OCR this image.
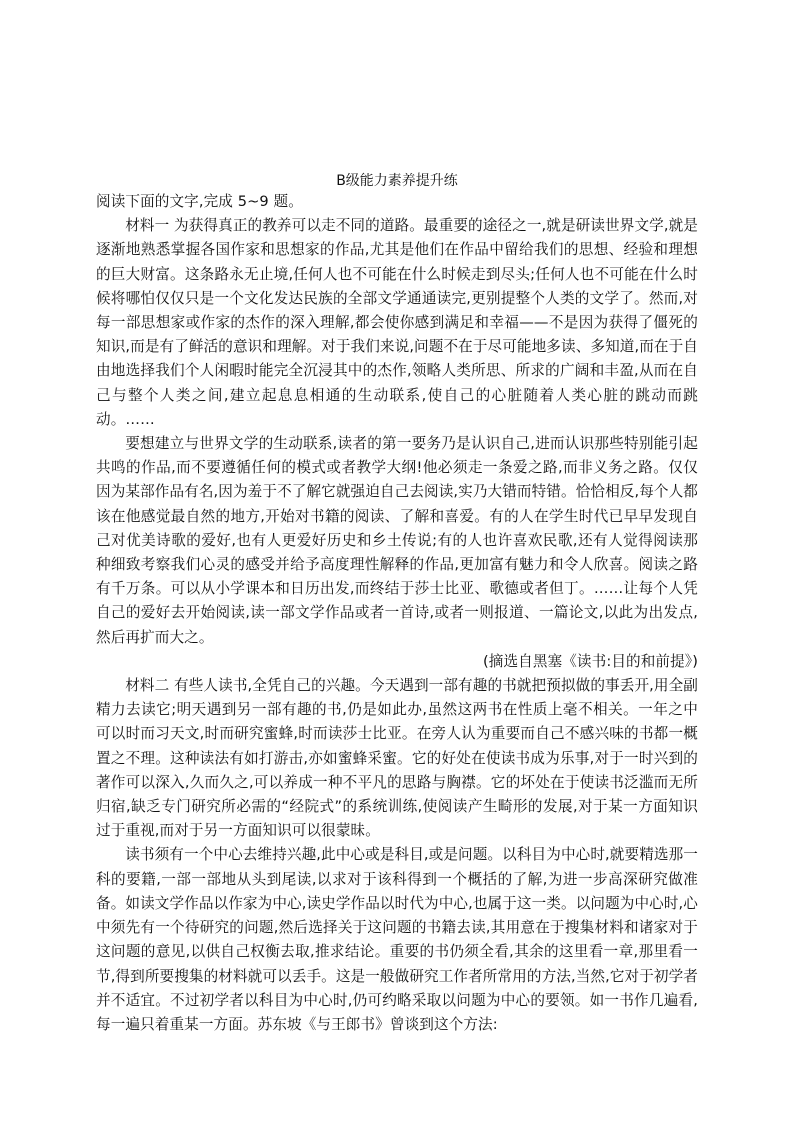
B级能力素养提升练

阅读下面的文字,完成 5~9 题。

材料一 为获得真正的教养可以走不同的道路。最重要的途径之一,就是研读世界文学,就是逐渐地熟悉掌握各国作家和思想家的作品,尤其是他们在作品中留给我们的思想、经验和理想的巨大财富。这条路永无止境,任何人也不可能在什么时候走到尽头;任何人也不可能在什么时候将哪怕仅仅只是一个文化发达民族的全部文学通通读完,更别提整个人类的文学了。然而,对每一部思想家或作家的杰作的深入理解,都会使你感到满足和幸福——不是因为获得了僵死的知识,而是有了鲜活的意识和理解。对于我们来说,问题不在于尽可能地多读、多知道,而在于自由地选择我们个人闲暇时能完全沉浸其中的杰作,领略人类所思、所求的广阔和丰盈,从而在自己与整个人类之间,建立起息息相通的生动联系,使自己的心脏随着人类心脏的跳动而跳动。……

要想建立与世界文学的生动联系,读者的第一要务乃是认识自己,进而认识那些特别能引起共鸣的作品,而不要遵循任何的模式或者教学大纲!他必须走一条爱之路,而非义务之路。仅仅因为某部作品有名,因为羞于不了解它就强迫自己去阅读,实乃大错而特错。恰恰相反,每个人都该在他感觉最自然的地方,开始对书籍的阅读、了解和喜爱。有的人在学生时代已早早发现自己对优美诗歌的爱好,也有人更爱好历史和乡土传说;有的人也许喜欢民歌,还有人觉得阅读那种细致考察我们心灵的感受并给予高度理性解释的作品,更加富有魅力和令人欣喜。阅读之路有千万条。可以从小学课本和日历出发,而终结于莎士比亚、歌德或者但丁。……让每个人凭自己的爱好去开始阅读,读一部文学作品或者一首诗,或者一则报道、一篇论文,以此为出发点,然后再扩而大之。

(摘选自黑塞《读书:目的和前提》)

材料二 有些人读书,全凭自己的兴趣。今天遇到一部有趣的书就把预拟做的事丢开,用全副精力去读它;明天遇到另一部有趣的书,仍是如此办,虽然这两书在性质上毫不相关。一年之中可以时而习天文,时而研究蜜蜂,时而读莎士比亚。在旁人认为重要而自己不感兴味的书都一概置之不理。这种读法有如打游击,亦如蜜蜂采蜜。它的好处在使读书成为乐事,对于一时兴到的著作可以深入,久而久之,可以养成一种不平凡的思路与胸襟。它的坏处在于使读书泛滥而无所归宿,缺乏专门研究所必需的“经院式”的系统训练,使阅读产生畸形的发展,对于某一方面知识过于重视,而对于另一方面知识可以很蒙昧。

读书须有一个中心去维持兴趣,此中心或是科目,或是问题。以科目为中心时,就要精选那一科的要籍,一部一部地从头到尾读,以求对于该科得到一个概括的了解,为进一步高深研究做准备。如读文学作品以作家为中心,读史学作品以时代为中心,也属于这一类。以问题为中心时,心中须先有一个待研究的问题,然后选择关于这问题的书籍去读,其用意在于搜集材料和诸家对于这问题的意见,以供自己权衡去取,推求结论。重要的书仍须全看,其余的这里看一章,那里看一节,得到所要搜集的材料就可以丢手。这是一般做研究工作者所常用的方法,当然,它对于初学者并不适宜。不过初学者以科目为中心时,仍可约略采取以问题为中心的要领。如一书作几遍看,每一遍只着重某一方面。苏东坡《与王郎书》曾谈到这个方法:
